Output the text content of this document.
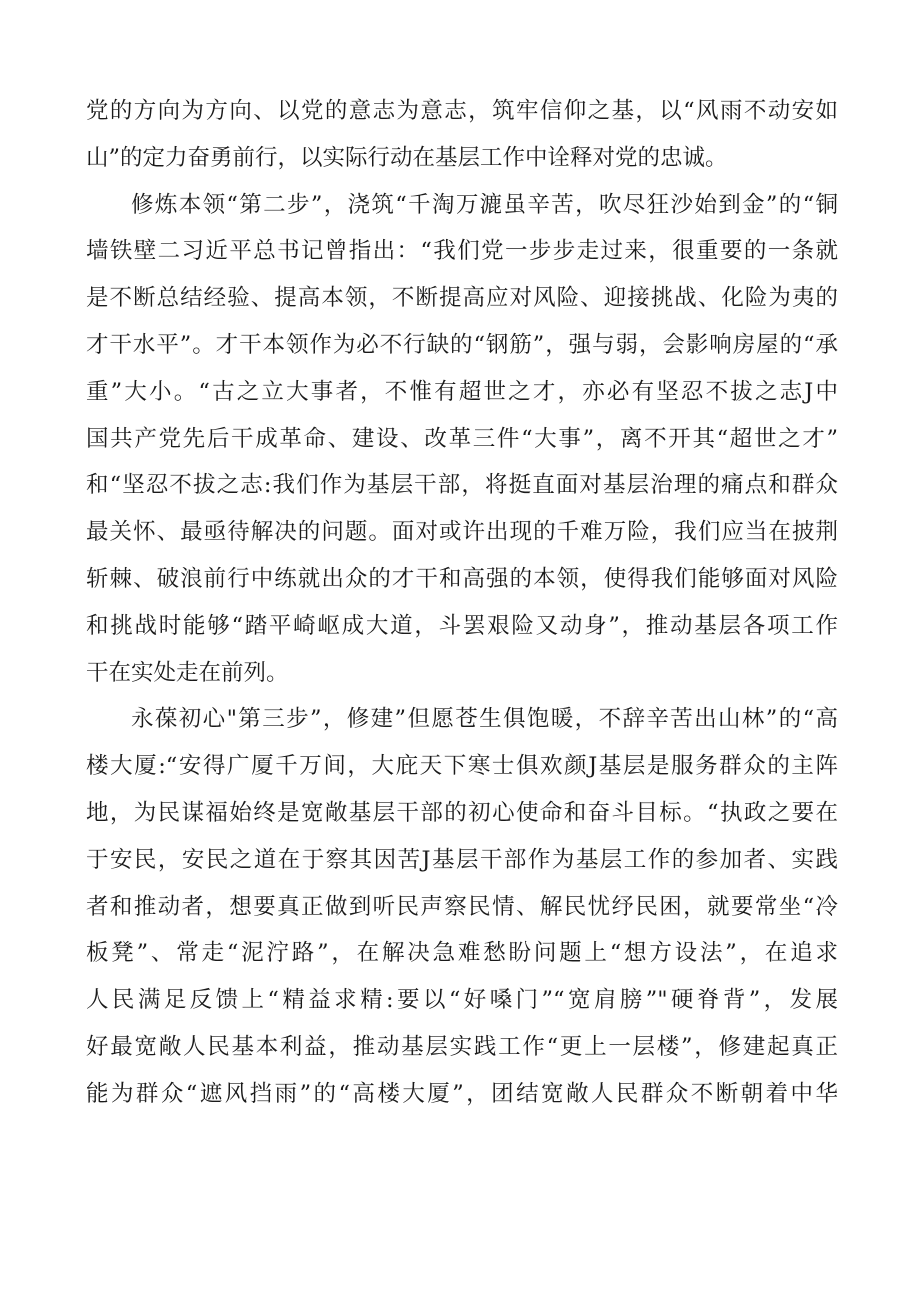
党的方向为方向、以党的意志为意志，筑牢信仰之基，以“风雨不动安如
山”的定力奋勇前行，以实际行动在基层工作中诠释对党的忠诚。
修炼本领“第二步”，浇筑“千淘万漉虽辛苦，吹尽狂沙始到金”的“铜
墙铁壁二习近平总书记曾指出：“我们党一步步走过来，很重要的一条就
是不断总结经验、提高本领，不断提高应对风险、迎接挑战、化险为夷的
才干水平”。才干本领作为必不行缺的“钢筋”，强与弱，会影响房屋的“承
重”大小。“古之立大事者，不惟有超世之才，亦必有坚忍不拔之志J中
国共产党先后干成革命、建设、改革三件“大事”，离不开其“超世之才”
和“坚忍不拔之志:我们作为基层干部，将挺直面对基层治理的痛点和群众
最关怀、最亟待解决的问题。面对或许出现的千难万险，我们应当在披荆
斩棘、破浪前行中练就出众的才干和高强的本领，使得我们能够面对风险
和挑战时能够“踏平崎岖成大道，斗罢艰险又动身”，推动基层各项工作
干在实处走在前列。
永葆初心"第三步”，修建”但愿苍生俱饱暖，不辞辛苦出山林”的“高
楼大厦:“安得广厦千万间，大庇天下寒士俱欢颜J基层是服务群众的主阵
地，为民谋福始终是宽敞基层干部的初心使命和奋斗目标。“执政之要在
于安民，安民之道在于察其因苦J基层干部作为基层工作的参加者、实践
者和推动者，想要真正做到听民声察民情、解民忧纾民困，就要常坐“冷
板凳”、常走“泥泞路”，在解决急难愁盼问题上“想方设法”，在追求
人民满足反馈上“精益求精:要以“好嗓门”“宽肩膀”"硬脊背”，发展
好最宽敞人民基本利益，推动基层实践工作“更上一层楼”，修建起真正
能为群众“遮风挡雨”的“高楼大厦”，团结宽敞人民群众不断朝着中华
